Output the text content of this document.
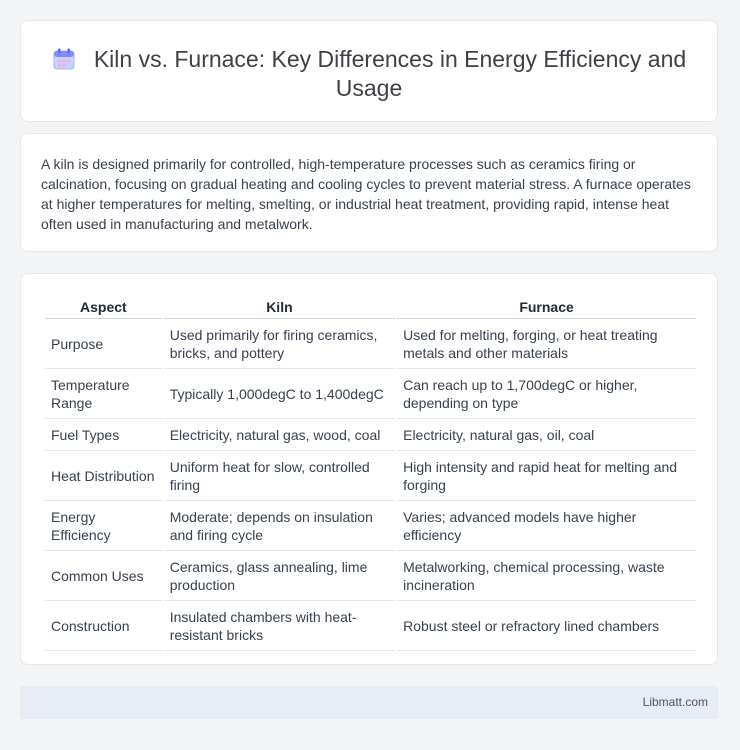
Kiln vs. Furnace: Key Differences in Energy Efficiency and Usage
A kiln is designed primarily for controlled, high-temperature processes such as ceramics firing or calcination, focusing on gradual heating and cooling cycles to prevent material stress. A furnace operates at higher temperatures for melting, smelting, or industrial heat treatment, providing rapid, intense heat often used in manufacturing and metalwork.
Aspect	Kiln	Furnace
Purpose	Used primarily for firing ceramics, bricks, and pottery	Used for melting, forging, or heat treating metals and other materials
Temperature Range	Typically 1,000degC to 1,400degC	Can reach up to 1,700degC or higher, depending on type
Fuel Types	Electricity, natural gas, wood, coal	Electricity, natural gas, oil, coal
Heat Distribution	Uniform heat for slow, controlled firing	High intensity and rapid heat for melting and forging
Energy Efficiency	Moderate; depends on insulation and firing cycle	Varies; advanced models have higher efficiency
Common Uses	Ceramics, glass annealing, lime production	Metalworking, chemical processing, waste incineration
Construction	Insulated chambers with heat-resistant bricks	Robust steel or refractory lined chambers
Libmatt.com
